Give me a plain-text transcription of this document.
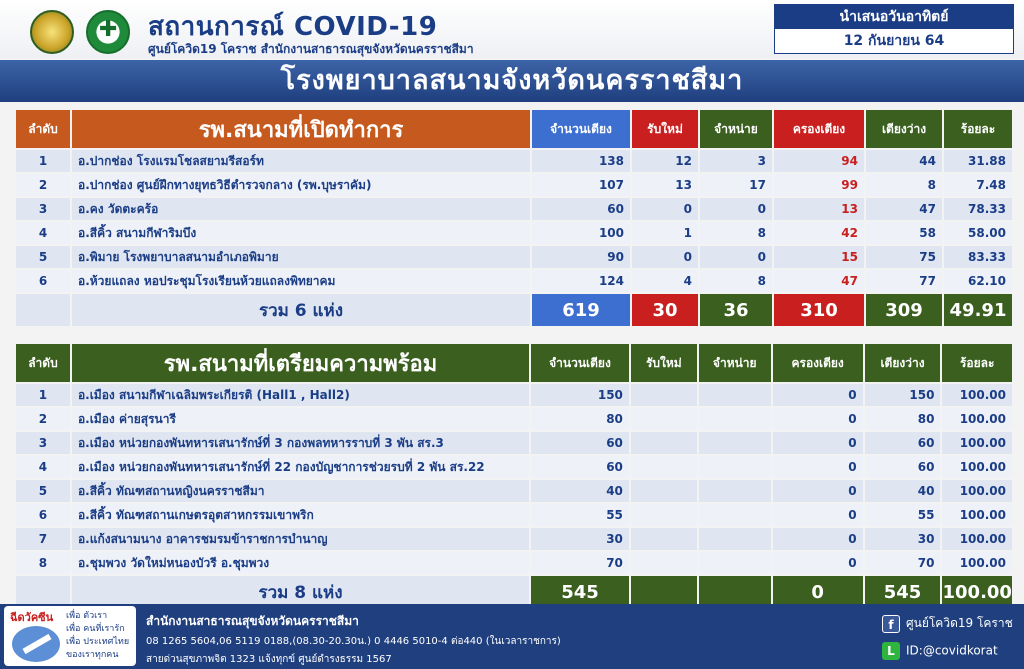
✚
สถานการณ์ COVID-19
ศูนย์โควิด19 โคราช สำนักงานสาธารณสุขจังหวัดนครราชสีมา
นำเสนอวันอาทิตย์
12 กันยายน 64
โรงพยาบาลสนามจังหวัดนครราชสีมา
ลำดับ	รพ.สนามที่เปิดทำการ	จำนวนเตียง	รับใหม่	จำหน่าย	ครองเตียง	เตียงว่าง	ร้อยละ
1	อ.ปากช่อง โรงแรมโชลสยามรีสอร์ท	138	12	3	94	44	31.88
2	อ.ปากช่อง ศูนย์ฝึกทางยุทธวิธีตำรวจกลาง (รพ.บุษราคัม)	107	13	17	99	8	7.48
3	อ.คง วัดตะคร้อ	60	0	0	13	47	78.33
4	อ.สีคิ้ว สนามกีฬาริมบึง	100	1	8	42	58	58.00
5	อ.พิมาย โรงพยาบาลสนามอำเภอพิมาย	90	0	0	15	75	83.33
6	อ.ห้วยแถลง หอประชุมโรงเรียนห้วยแถลงพิทยาคม	124	4	8	47	77	62.10
	รวม 6 แห่ง	619	30	36	310	309	49.91
ลำดับ	รพ.สนามที่เตรียมความพร้อม	จำนวนเตียง	รับใหม่	จำหน่าย	ครองเตียง	เตียงว่าง	ร้อยละ
1	อ.เมือง สนามกีฬาเฉลิมพระเกียรติ (Hall1 , Hall2)	150			0	150	100.00
2	อ.เมือง ค่ายสุรนารี	80			0	80	100.00
3	อ.เมือง หน่วยกองพันทหารเสนารักษ์ที่ 3 กองพลทหารราบที่ 3 พัน สร.3	60			0	60	100.00
4	อ.เมือง หน่วยกองพันทหารเสนารักษ์ที่ 22 กองบัญชาการช่วยรบที่ 2 พัน สร.22	60			0	60	100.00
5	อ.สีคิ้ว ทัณฑสถานหญิงนครราชสีมา	40			0	40	100.00
6	อ.สีคิ้ว ทัณฑสถานเกษตรอุตสาหกรรมเขาพริก	55			0	55	100.00
7	อ.แก้งสนามนาง อาคารชมรมข้าราชการบำนาญ	30			0	30	100.00
8	อ.ชุมพวง วัดใหม่หนองบัวรี อ.ชุมพวง	70			0	70	100.00
	รวม 8 แห่ง	545			0	545	100.00
ฉีดวัคซีน เพื่อ ตัวเรา
เพื่อ คนที่เรารัก
เพื่อ ประเทศไทย
ของเราทุกคน
สำนักงานสาธารณสุขจังหวัดนครราชสีมา
08 1265 5604,06 5119 0188,(08.30-20.30น.) 0 4446 5010-4 ต่อ440 (ในเวลาราชการ)
สายด่วนสุขภาพจิต 1323 แจ้งทุกข์ ศูนย์ดำรงธรรม 1567
f ศูนย์โควิด19 โคราช
L ID:@covidkorat
